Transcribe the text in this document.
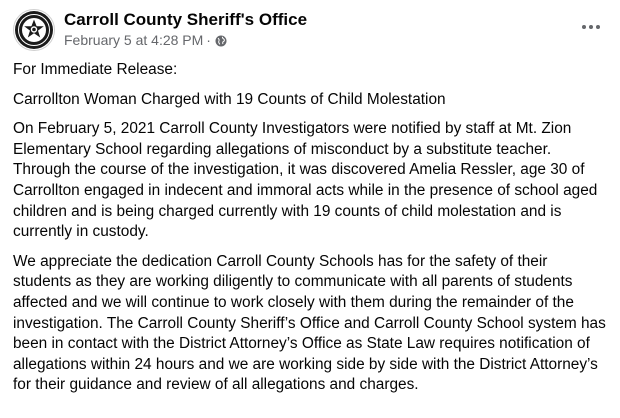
Carroll County Sheriff's Office
February 5 at 4:28 PM ·

For Immediate Release:

Carrollton Woman Charged with 19 Counts of Child Molestation

On February 5, 2021 Carroll County Investigators were notified by staff at Mt. Zion Elementary School regarding allegations of misconduct by a substitute teacher. Through the course of the investigation, it was discovered Amelia Ressler, age 30 of Carrollton engaged in indecent and immoral acts while in the presence of school aged children and is being charged currently with 19 counts of child molestation and is currently in custody.

We appreciate the dedication Carroll County Schools has for the safety of their students as they are working diligently to communicate with all parents of students affected and we will continue to work closely with them during the remainder of the investigation. The Carroll County Sheriff’s Office and Carroll County School system has been in contact with the District Attorney’s Office as State Law requires notification of allegations within 24 hours and we are working side by side with the District Attorney’s for their guidance and review of all allegations and charges.
